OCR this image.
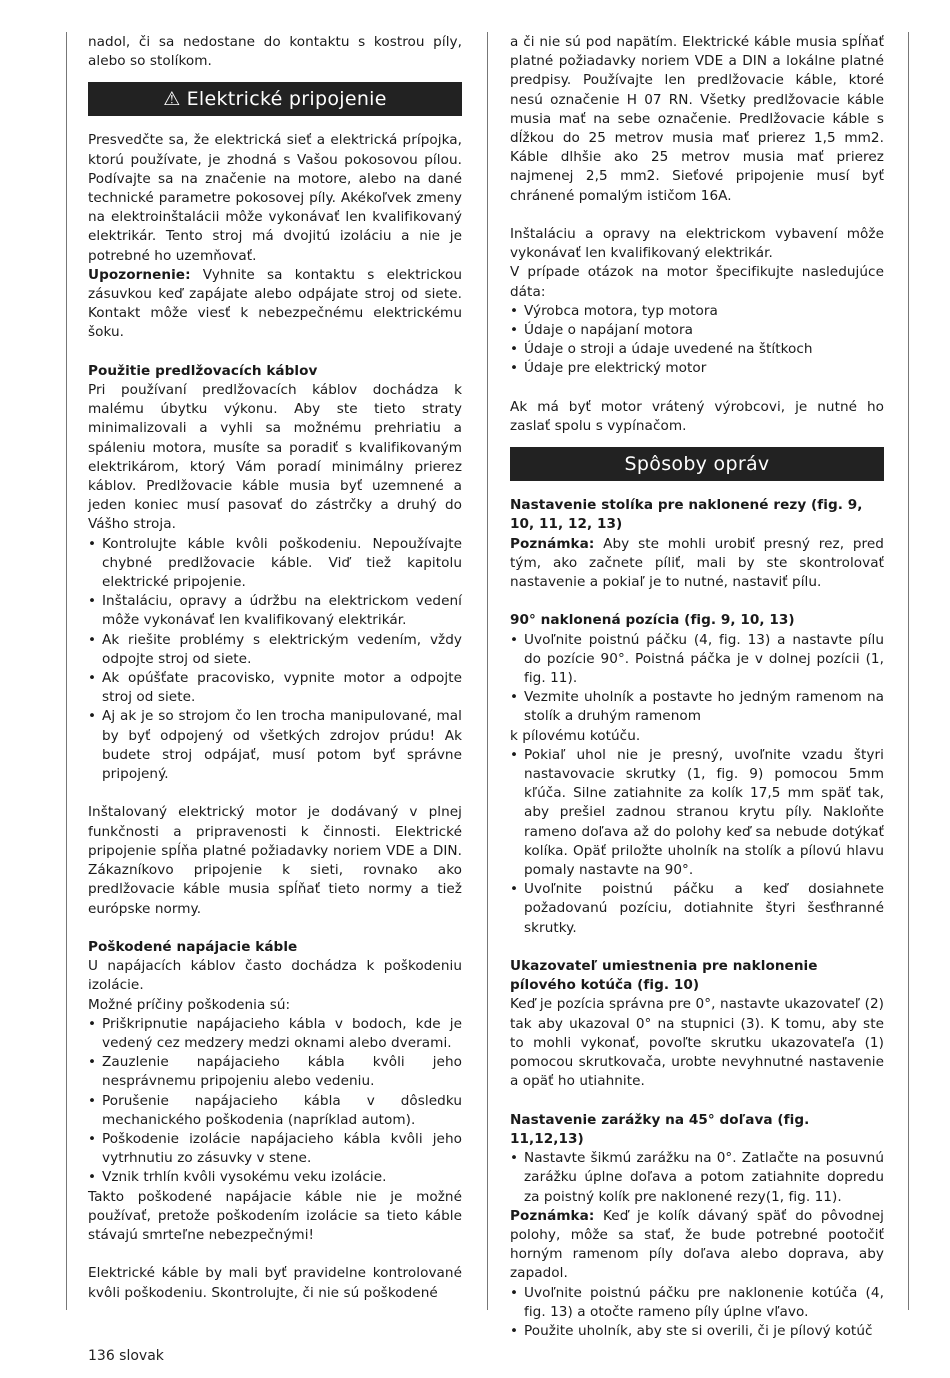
nadol, či sa nedostane do kontaktu s kostrou píly, alebo so stolíkom.

⚠ Elektrické pripojenie

Presvedčte sa, že elektrická sieť a elektrická prípojka, ktorú používate, je zhodná s Vašou pokosovou pílou. Podívajte sa na značenie na motore, alebo na dané technické parametre pokosovej píly. Akékoľvek zmeny na elektroinštalácii môže vykonávať len kvalifikovaný elektrikár. Tento stroj má dvojitú izoláciu a nie je potrebné ho uzemňovať.

Upozornenie: Vyhnite sa kontaktu s elektrickou zásuvkou keď zapájate alebo odpájate stroj od siete. Kontakt môže viesť k nebezpečnému elektrickému šoku.

Použitie predlžovacích káblov

Pri používaní predlžovacích káblov dochádza k malému úbytku výkonu. Aby ste tieto straty minimalizovali a vyhli sa možnému prehriatiu a spáleniu motora, musíte sa poradiť s kvalifikovaným elektrikárom, ktorý Vám poradí minimálny prierez káblov. Predlžovacie káble musia byť uzemnené a jeden koniec musí pasovať do zástrčky a druhý do Vášho stroja.

• Kontrolujte káble kvôli poškodeniu. Nepoužívajte chybné predlžovacie káble. Viď tiež kapitolu elektrické pripojenie.
• Inštaláciu, opravy a údržbu na elektrickom vedení môže vykonávať len kvalifikovaný elektrikár.
• Ak riešite problémy s elektrickým vedením, vždy odpojte stroj od siete.
• Ak opúšťate pracovisko, vypnite motor a odpojte stroj od siete.
• Aj ak je so strojom čo len trocha manipulované, mal by byť odpojený od všetkých zdrojov prúdu! Ak budete stroj odpájať, musí potom byť správne pripojený.

Inštalovaný elektrický motor je dodávaný v plnej funkčnosti a pripravenosti k činnosti. Elektrické pripojenie spĺňa platné požiadavky noriem VDE a DIN. Zákazníkovo pripojenie k sieti, rovnako ako predlžovacie káble musia spĺňať tieto normy a tiež európske normy.

Poškodené napájacie káble

U napájacích káblov často dochádza k poškodeniu izolácie.

Možné príčiny poškodenia sú:

• Priškripnutie napájacieho kábla v bodoch, kde je vedený cez medzery medzi oknami alebo dverami.
• Zauzlenie napájacieho kábla kvôli jeho nesprávnemu pripojeniu alebo vedeniu.
• Porušenie napájacieho kábla v dôsledku mechanického poškodenia (napríklad autom).
• Poškodenie izolácie napájacieho kábla kvôli jeho vytrhnutiu zo zásuvky v stene.
• Vznik trhlín kvôli vysokému veku izolácie.

Takto poškodené napájacie káble nie je možné používať, pretože poškodením izolácie sa tieto káble stávajú smrteľne nebezpečnými!

Elektrické káble by mali byť pravidelne kontrolované kvôli poškodeniu. Skontrolujte, či nie sú poškodené

a či nie sú pod napätím. Elektrické káble musia spĺňať platné požiadavky noriem VDE a DIN a lokálne platné predpisy. Používajte len predlžovacie káble, ktoré nesú označenie H 07 RN. Všetky predlžovacie káble musia mať na sebe označenie. Predlžovacie káble s dĺžkou do 25 metrov musia mať prierez 1,5 mm2. Káble dlhšie ako 25 metrov musia mať prierez najmenej 2,5 mm2. Sieťové pripojenie musí byť chránené pomalým ističom 16A.

Inštaláciu a opravy na elektrickom vybavení môže vykonávať len kvalifikovaný elektrikár.

V prípade otázok na motor špecifikujte nasledujúce dáta:

• Výrobca motora, typ motora
• Údaje o napájaní motora
• Údaje o stroji a údaje uvedené na štítkoch
• Údaje pre elektrický motor

Ak má byť motor vrátený výrobcovi, je nutné ho zaslať spolu s vypínačom.

Spôsoby opráv

Nastavenie stolíka pre naklonené rezy (fig. 9, 10, 11, 12, 13)

Poznámka: Aby ste mohli urobiť presný rez, pred tým, ako začnete píliť, mali by ste skontrolovať nastavenie a pokiaľ je to nutné, nastaviť pílu.

90° naklonená pozícia (fig. 9, 10, 13)

• Uvoľnite poistnú páčku (4, fig. 13) a nastavte pílu do pozície 90°. Poistná páčka je v dolnej pozícii (1, fig. 11).
• Vezmite uholník a postavte ho jedným ramenom na stolík a druhým ramenom

k pílovému kotúču.

• Pokiaľ uhol nie je presný, uvoľnite vzadu štyri nastavovacie skrutky (1, fig. 9) pomocou 5mm kľúča. Silne zatiahnite za kolík 17,5 mm späť tak, aby prešiel zadnou stranou krytu píly. Nakloňte rameno doľava až do polohy keď sa nebude dotýkať kolíka. Opäť priložte uholník na stolík a pílovú hlavu pomaly nastavte na 90°.
• Uvoľnite poistnú páčku a keď dosiahnete požadovanú pozíciu, dotiahnite štyri šesťhranné skrutky.

Ukazovateľ umiestnenia pre naklonenie pílového kotúča (fig. 10)

Keď je pozícia správna pre 0°, nastavte ukazovateľ (2) tak aby ukazoval 0° na stupnici (3). K tomu, aby ste to mohli vykonať, povoľte skrutku ukazovateľa (1) pomocou skrutkovača, urobte nevyhnutné nastavenie a opäť ho utiahnite.

Nastavenie zarážky na 45° doľava (fig. 11,12,13)

• Nastavte šikmú zarážku na 0°. Zatlačte na posuvnú zarážku úplne doľava a potom zatiahnite dopredu za poistný kolík pre naklonené rezy(1, fig. 11).

Poznámka: Keď je kolík dávaný späť do pôvodnej polohy, môže sa stať, že bude potrebné pootočiť horným ramenom píly doľava alebo doprava, aby zapadol.

• Uvoľnite poistnú páčku pre naklonenie kotúča (4, fig. 13) a otočte rameno píly úplne vľavo.
• Použite uholník, aby ste si overili, či je pílový kotúč
136 slovak
